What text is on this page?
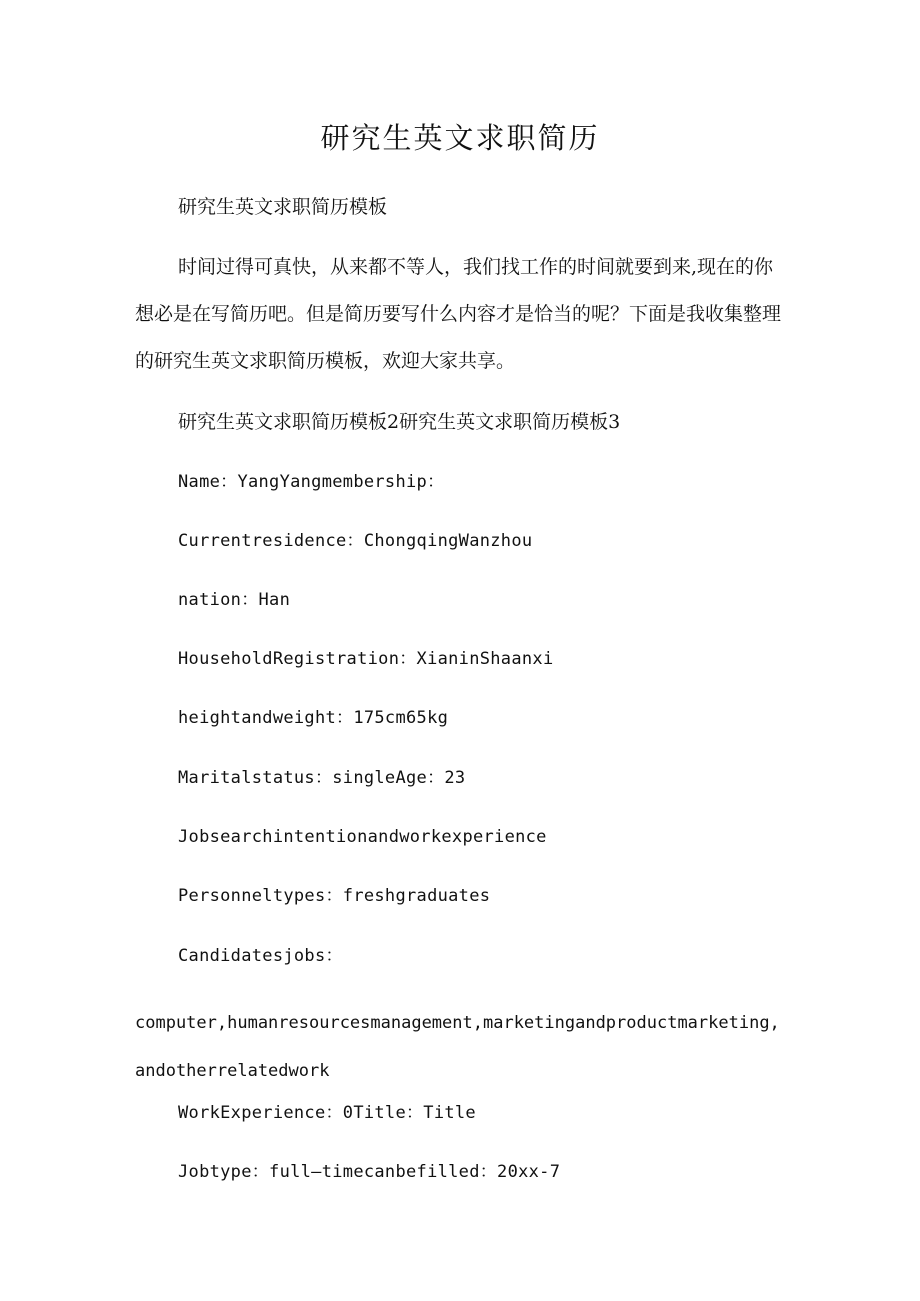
研究生英文求职简历

研究生英文求职简历模板

时间过得可真快，从来都不等人，我们找工作的时间就要到来,现在的你想必是在写简历吧。但是简历要写什么内容才是恰当的呢？下面是我收集整理的研究生英文求职简历模板，欢迎大家共享。

研究生英文求职简历模板2研究生英文求职简历模板3

Name：YangYangmembership：

Currentresidence：ChongqingWanzhou

nation：Han

HouseholdRegistration：XianinShaanxi

heightandweight：175cm65kg

Maritalstatus：singleAge：23

Jobsearchintentionandworkexperience

Personneltypes：freshgraduates

Candidatesjobs：

computer,humanresourcesmanagement,marketingandproductmarketing,andotherrelatedwork

WorkExperience：0Title：Title

Jobtype：full—timecanbefilled：20xx-7
